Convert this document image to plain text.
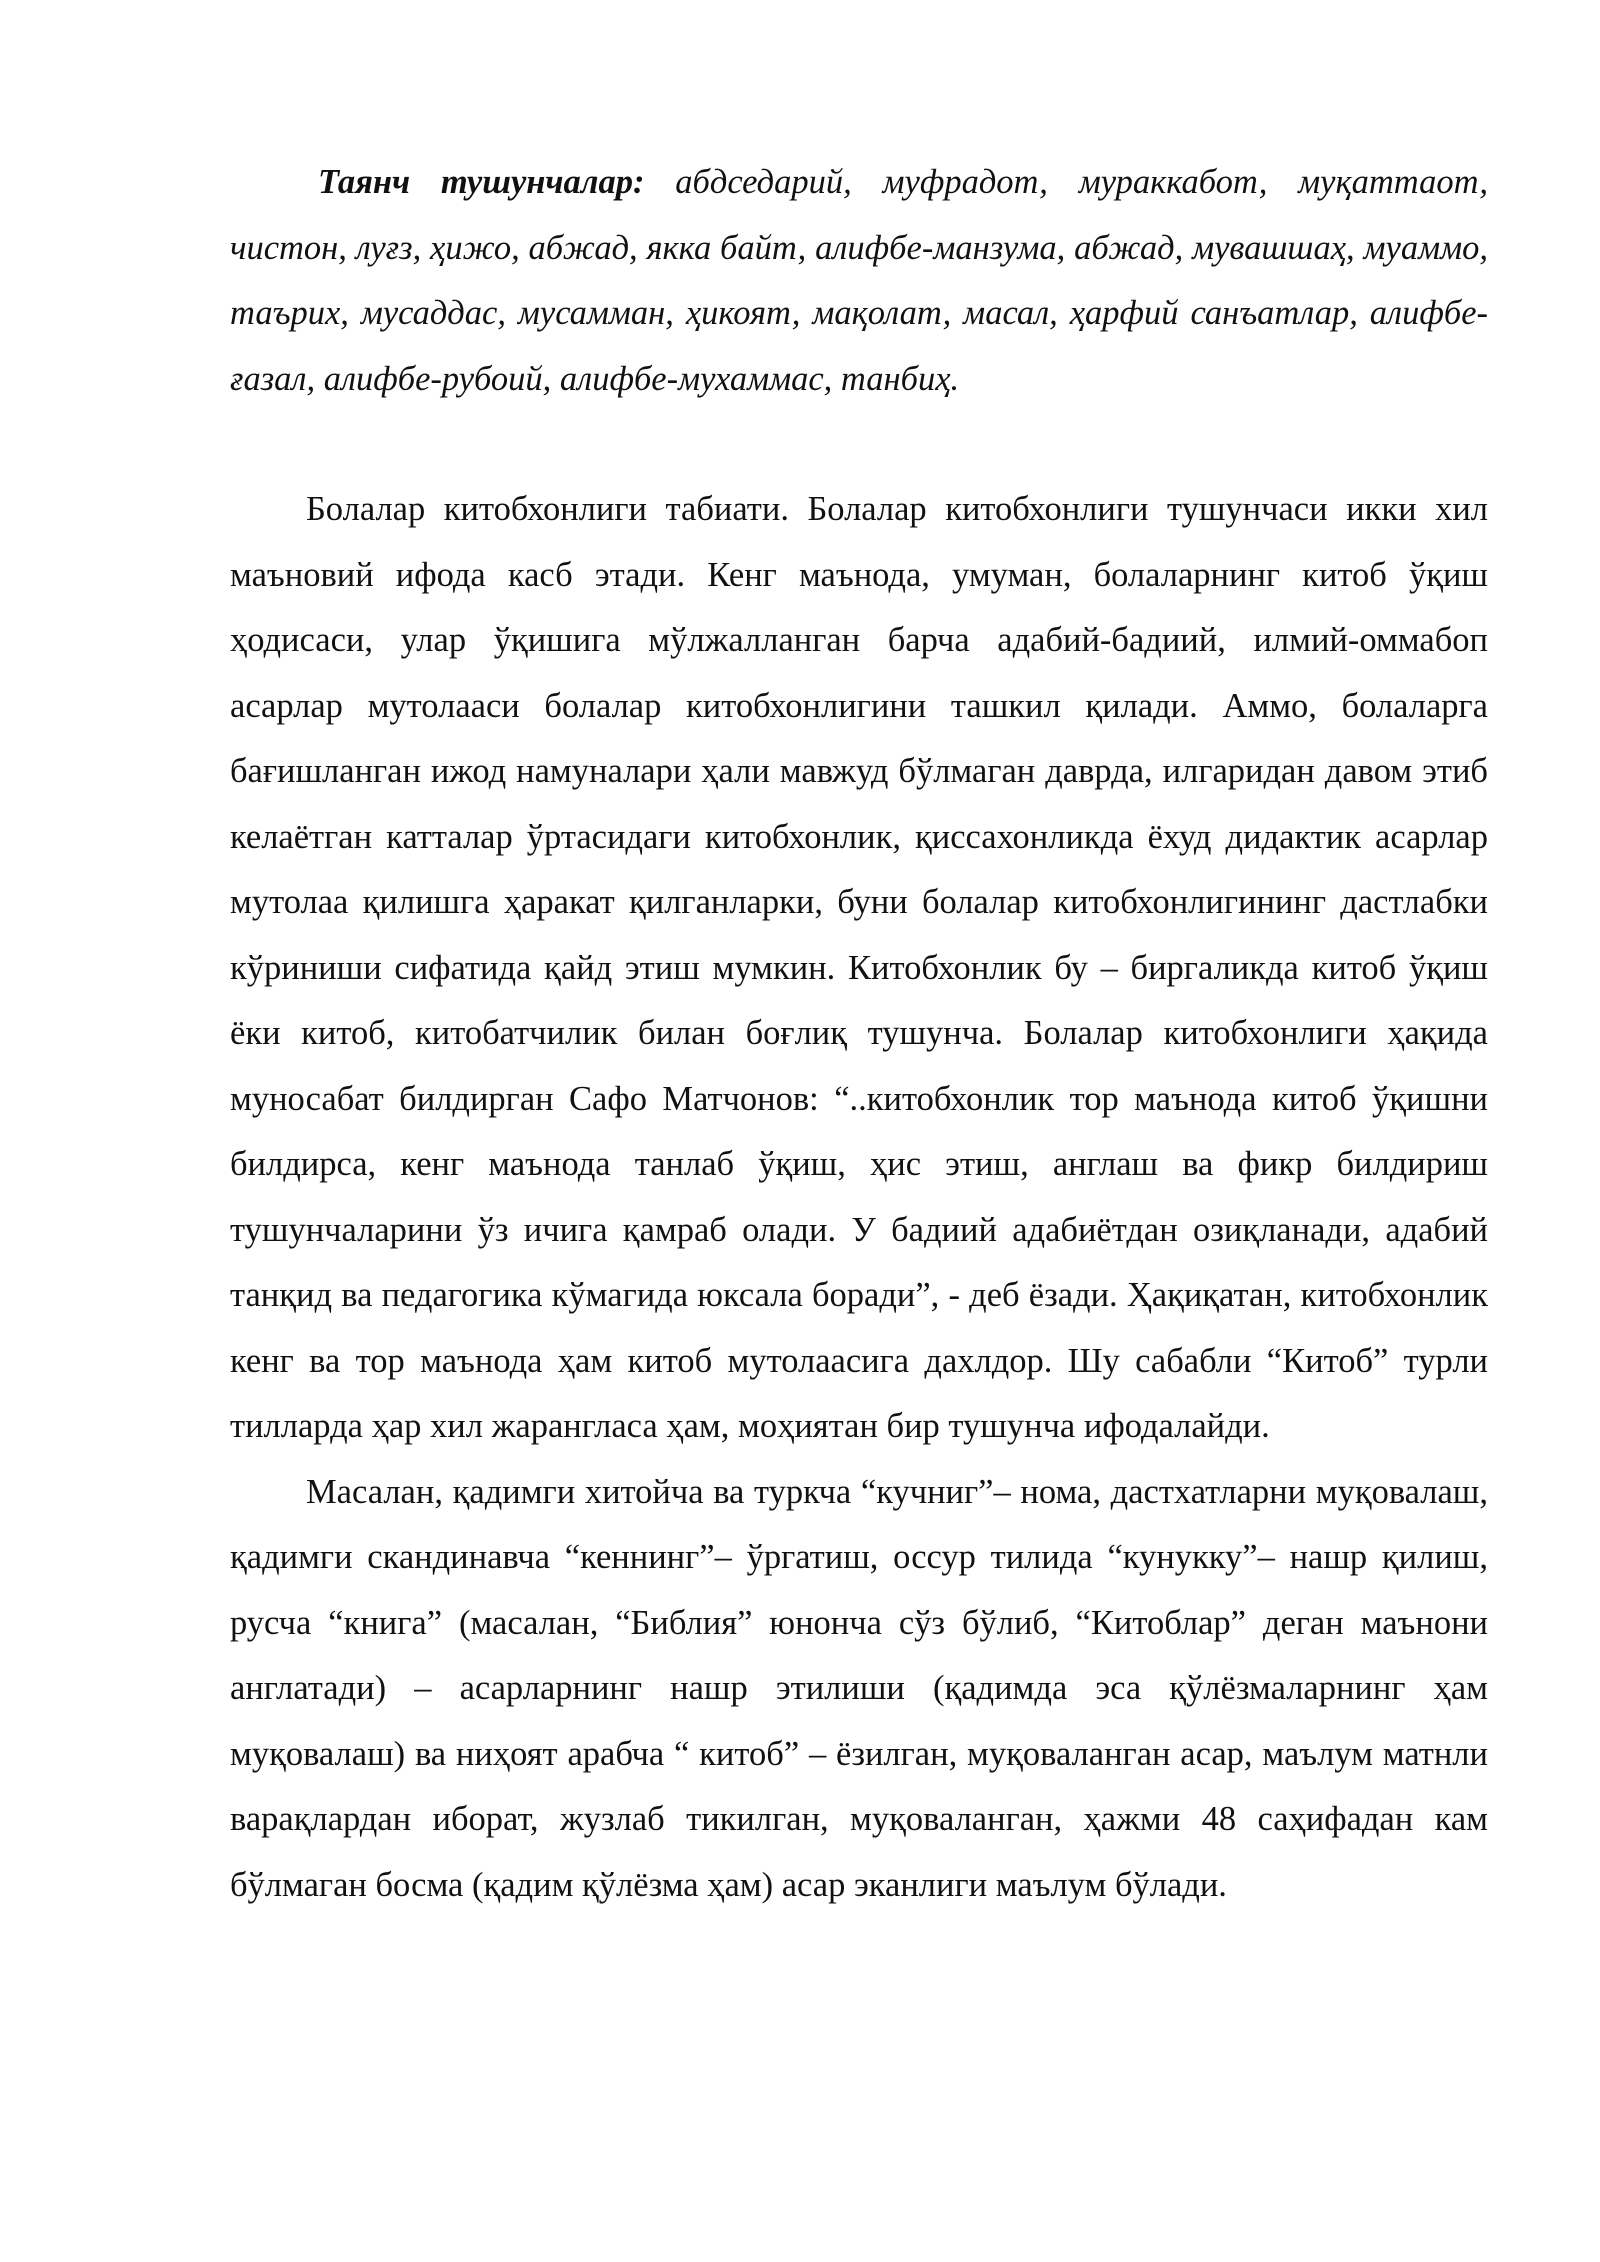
Таянч тушунчалар: абдседарий, муфрадот, мураккабот, муқаттаот, чистон, луғз, ҳижо, абжад, якка байт, алифбе-манзума, абжад, мувашшаҳ, муаммо, таърих, мусаддас, мусамман, ҳикоят, мақолат, масал, ҳарфий санъатлар, алифбе-ғазал, алифбе-рубоий, алифбе-мухаммас, танбиҳ.

Болалар китобхонлиги табиати. Болалар китобхонлиги тушунчаси икки хил маъновий ифода касб этади. Кенг маънода, умуман, болаларнинг китоб ўқиш ҳодисаси, улар ўқишига мўлжалланган барча адабий-бадиий, илмий-оммабоп асарлар мутолааси болалар китобхонлигини ташкил қилади. Аммо, болаларга бағишланган ижод намуналари ҳали мавжуд бўлмаган даврда, илгаридан давом этиб келаётган катталар ўртасидаги китобхонлик, қиссахонликда ёхуд дидактик асарлар мутолаа қилишга ҳаракат қилганларки, буни болалар китобхонлигининг дастлабки кўриниши сифатида қайд этиш мумкин. Китобхонлик бу – биргаликда китоб ўқиш ёки китоб, китобатчилик билан боғлиқ тушунча. Болалар китобхонлиги ҳақида муносабат билдирган Сафо Матчонов: “..китобхонлик тор маънода китоб ўқишни билдирса, кенг маънода танлаб ўқиш, ҳис этиш, англаш ва фикр билдириш тушунчаларини ўз ичига қамраб олади. У бадиий адабиётдан озиқланади, адабий танқид ва педагогика кўмагида юксала боради”, - деб ёзади. Ҳақиқатан, китобхонлик кенг ва тор маънода ҳам китоб мутолаасига дахлдор. Шу сабабли “Китоб” турли тилларда ҳар хил жарангласа ҳам, моҳиятан бир тушунча ифодалайди.

Масалан, қадимги хитойча ва туркча “кучниг”– нома, дастхатларни муқовалаш, қадимги скандинавча “кеннинг”– ўргатиш, оссур тилида “кунукку”– нашр қилиш, русча “книга” (масалан, “Библия” юнонча сўз бўлиб, “Китоблар” деган маънони англатади) – асарларнинг нашр этилиши (қадимда эса қўлёзмаларнинг ҳам муқовалаш) ва ниҳоят арабча “ китоб” – ёзилган, муқоваланган асар, маълум матнли варақлардан иборат, жузлаб тикилган, муқоваланган, ҳажми 48 саҳифадан кам бўлмаган босма (қадим қўлёзма ҳам) асар эканлиги маълум бўлади.
